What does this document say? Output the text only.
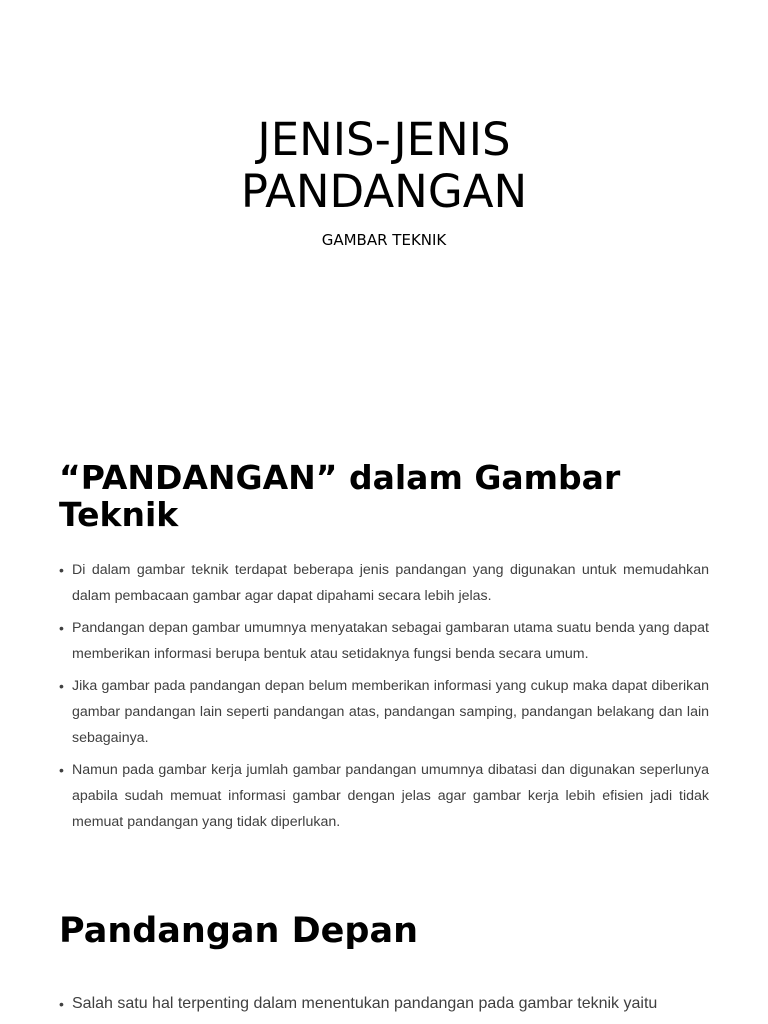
JENIS-JENIS
PANDANGAN

GAMBAR TEKNIK

“PANDANGAN” dalam Gambar
Teknik
• Di dalam gambar teknik terdapat beberapa jenis pandangan yang digunakan untuk memudahkan dalam pembacaan gambar agar dapat dipahami secara lebih jelas.
• Pandangan depan gambar umumnya menyatakan sebagai gambaran utama suatu benda yang dapat memberikan informasi berupa bentuk atau setidaknya fungsi benda secara umum.
• Jika gambar pada pandangan depan belum memberikan informasi yang cukup maka dapat diberikan gambar pandangan lain seperti pandangan atas, pandangan samping, pandangan belakang dan lain sebagainya.
• Namun pada gambar kerja jumlah gambar pandangan umumnya dibatasi dan digunakan seperlunya apabila sudah memuat informasi gambar dengan jelas agar gambar kerja lebih efisien jadi tidak memuat pandangan yang tidak diperlukan.
Pandangan Depan
• Salah satu hal terpenting dalam menentukan pandangan pada gambar teknik yaitu
